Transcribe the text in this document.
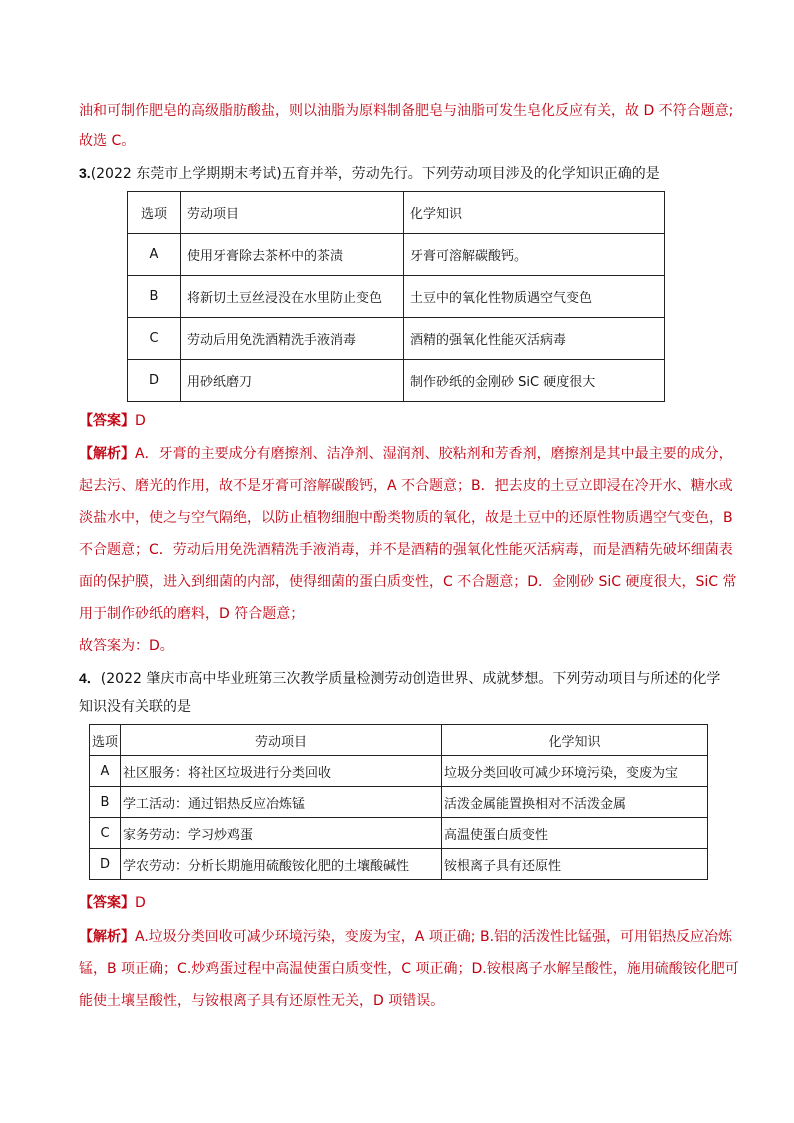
油和可制作肥皂的高级脂肪酸盐，则以油脂为原料制备肥皂与油脂可发生皂化反应有关，故 D 不符合题意;
故选 C。
3.(2022 东莞市上学期期末考试)五育并举，劳动先行。下列劳动项目涉及的化学知识正确的是
选项	劳动项目	化学知识
A	使用牙膏除去茶杯中的茶渍	牙膏可溶解碳酸钙。
B	将新切土豆丝浸没在水里防止变色	土豆中的氧化性物质遇空气变色
C	劳动后用免洗酒精洗手液消毒	酒精的强氧化性能灭活病毒
D	用砂纸磨刀	制作砂纸的金刚砂 SiC 硬度很大
【答案】D
【解析】A．牙膏的主要成分有磨擦剂、洁净剂、湿润剂、胶粘剂和芳香剂，磨擦剂是其中最主要的成分，
起去污、磨光的作用，故不是牙膏可溶解碳酸钙，A 不合题意；B．把去皮的土豆立即浸在冷开水、糖水或
淡盐水中，使之与空气隔绝，以防止植物细胞中酚类物质的氧化，故是土豆中的还原性物质遇空气变色，B
不合题意；C．劳动后用免洗酒精洗手液消毒，并不是酒精的强氧化性能灭活病毒，而是酒精先破坏细菌表
面的保护膜，进入到细菌的内部，使得细菌的蛋白质变性，C 不合题意；D．金刚砂 SiC 硬度很大，SiC 常
用于制作砂纸的磨料，D 符合题意；
故答案为：D。
4．(2022 肇庆市高中毕业班第三次教学质量检测劳动创造世界、成就梦想。下列劳动项目与所述的化学
知识没有关联的是
选项	劳动项目	化学知识
A	社区服务：将社区垃圾进行分类回收	垃圾分类回收可减少环境污染，变废为宝
B	学工活动：通过铝热反应冶炼锰	活泼金属能置换相对不活泼金属
C	家务劳动：学习炒鸡蛋	高温使蛋白质变性
D	学农劳动：分析长期施用硫酸铵化肥的土壤酸碱性	铵根离子具有还原性
【答案】D
【解析】A.垃圾分类回收可减少环境污染，变废为宝，A 项正确; B.铝的活泼性比锰强，可用铝热反应冶炼
锰，B 项正确；C.炒鸡蛋过程中高温使蛋白质变性，C 项正确；D.铵根离子水解呈酸性，施用硫酸铵化肥可
能使土壤呈酸性，与铵根离子具有还原性无关，D 项错误。
